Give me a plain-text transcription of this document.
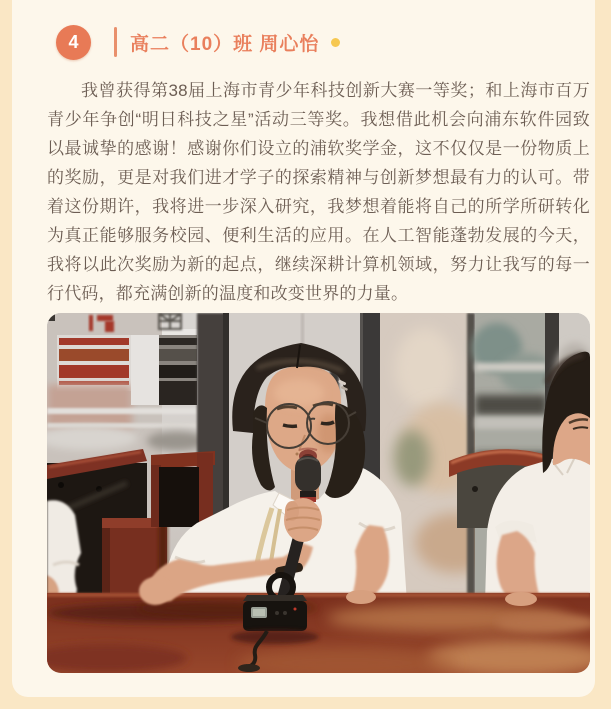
4	高二（10）班 周心怡
我曾获得第38届上海市青少年科技创新大赛一等奖；和上海市百万青少年争创“明日科技之星”活动三等奖。我想借此机会向浦东软件园致以最诚挚的感谢！感谢你们设立的浦软奖学金，这不仅仅是一份物质上的奖励，更是对我们进才学子的探索精神与创新梦想最有力的认可。带着这份期许，我将进一步深入研究，我梦想着能将自己的所学所研转化为真正能够服务校园、便利生活的应用。在人工智能蓬勃发展的今天，我将以此次奖励为新的起点，继续深耕计算机领域，努力让我写的每一行代码，都充满创新的温度和改变世界的力量。
